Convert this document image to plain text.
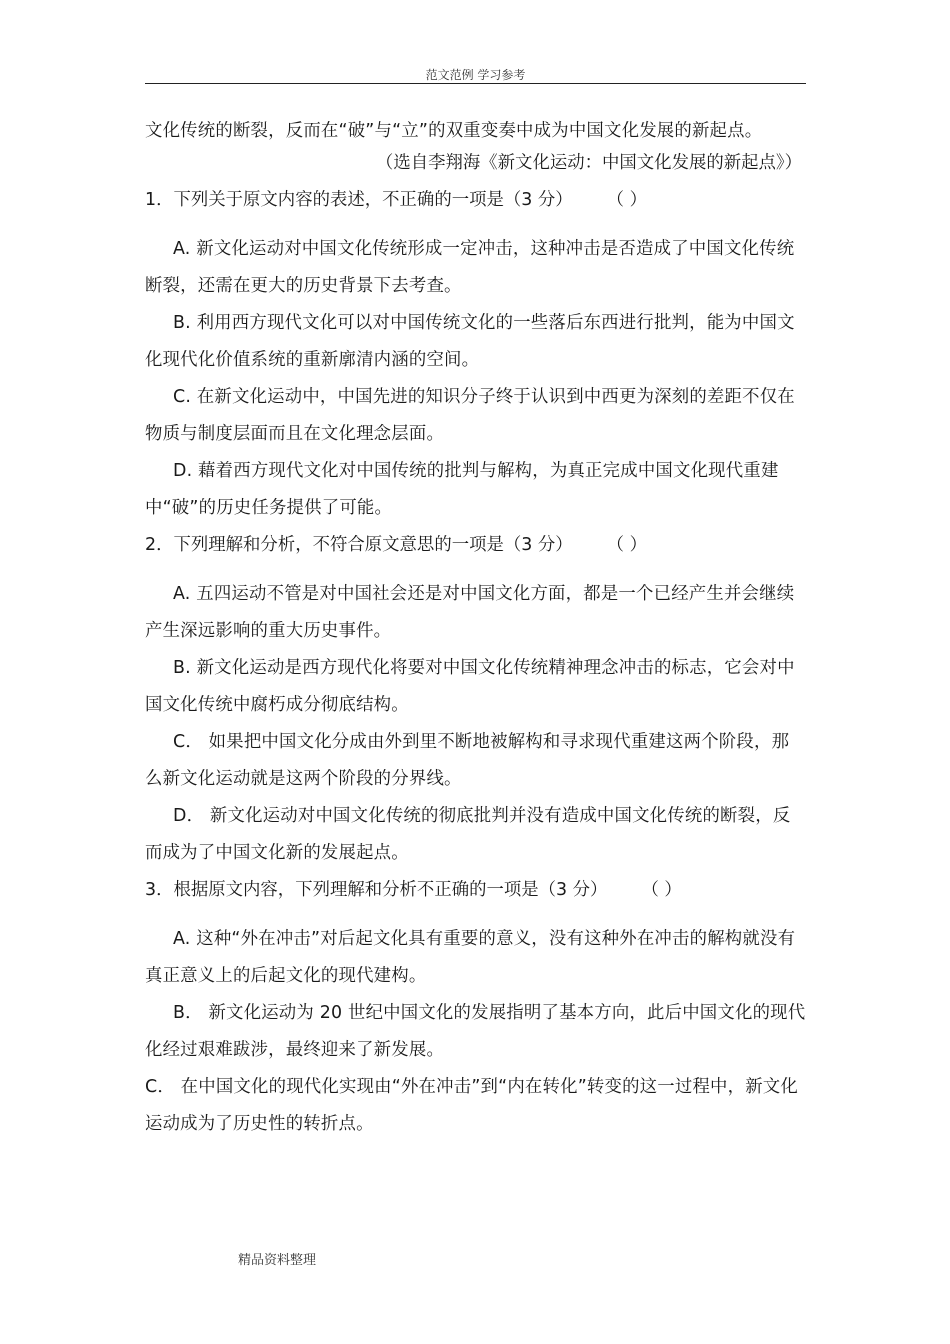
范文范例 学习参考

文化传统的断裂，反而在“破”与“立”的双重变奏中成为中国文化发展的新起点。

（选自李翔海《新文化运动：中国文化发展的新起点》）

1．下列关于原文内容的表述，不正确的一项是（3 分） （ ）

A. 新文化运动对中国文化传统形成一定冲击，这种冲击是否造成了中国文化传统断裂，还需在更大的历史背景下去考查。

B. 利用西方现代文化可以对中国传统文化的一些落后东西进行批判，能为中国文化现代化价值系统的重新廓清内涵的空间。

C. 在新文化运动中，中国先进的知识分子终于认识到中西更为深刻的差距不仅在物质与制度层面而且在文化理念层面。

D. 藉着西方现代文化对中国传统的批判与解构，为真正完成中国文化现代重建中“破”的历史任务提供了可能。

2．下列理解和分析，不符合原文意思的一项是（3 分） （ ）

A. 五四运动不管是对中国社会还是对中国文化方面，都是一个已经产生并会继续产生深远影响的重大历史事件。

B. 新文化运动是西方现代化将要对中国文化传统精神理念冲击的标志，它会对中国文化传统中腐朽成分彻底结构。

C． 如果把中国文化分成由外到里不断地被解构和寻求现代重建这两个阶段，那么新文化运动就是这两个阶段的分界线。

D． 新文化运动对中国文化传统的彻底批判并没有造成中国文化传统的断裂，反而成为了中国文化新的发展起点。

3．根据原文内容，下列理解和分析不正确的一项是（3 分） （ ）

A. 这种“外在冲击”对后起文化具有重要的意义，没有这种外在冲击的解构就没有真正意义上的后起文化的现代建构。

B． 新文化运动为 20 世纪中国文化的发展指明了基本方向，此后中国文化的现代化经过艰难跋涉，最终迎来了新发展。

C． 在中国文化的现代化实现由“外在冲击”到“内在转化”转变的这一过程中，新文化运动成为了历史性的转折点。

精品资料整理
